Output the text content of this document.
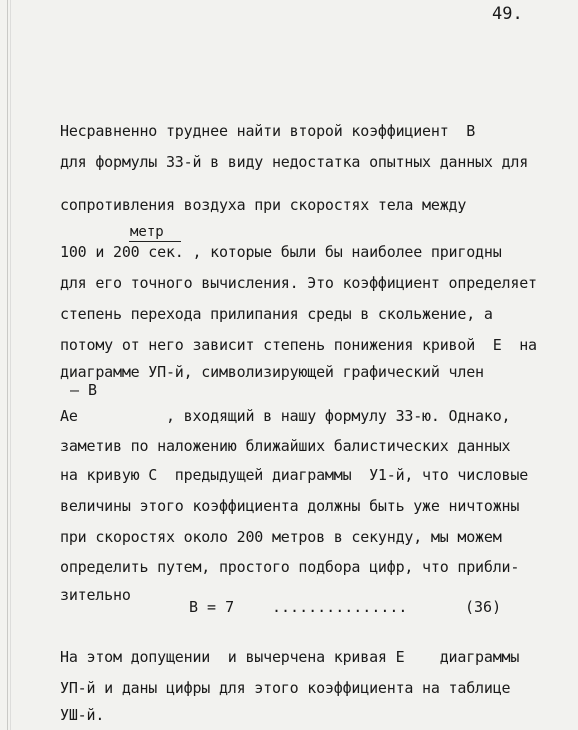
49.
Несравненно труднее найти второй коэффициент  В
для формулы 33-й в виду недостатка опытных данных для
сопротивления воздуха при скоростях тела между
метр
100 и 200 сек. , которые были бы наиболее пригодны
для его точного вычисления. Это коэффициент определяет
степень перехода прилипания среды в скольжение, а
потому от него зависит степень понижения кривой  Е  на
диаграмме УП-й, символизирующей графический член
– В
Ае          , входящий в нашу формулу 33-ю. Однако,
заметив по наложению ближайших балистических данных
на кривую С  предыдущей диаграммы  У1-й, что числовые
величины этого коэффициента должны быть уже ничтожны
при скоростях около 200 метров в секунду, мы можем
определить путем, простого подбора цифр, что прибли-
зительно
В = 7	...............	(36)
На этом допущении  и вычерчена кривая Е    диаграммы
УП-й и даны цифры для этого коэффициента на таблице
УШ-й.
